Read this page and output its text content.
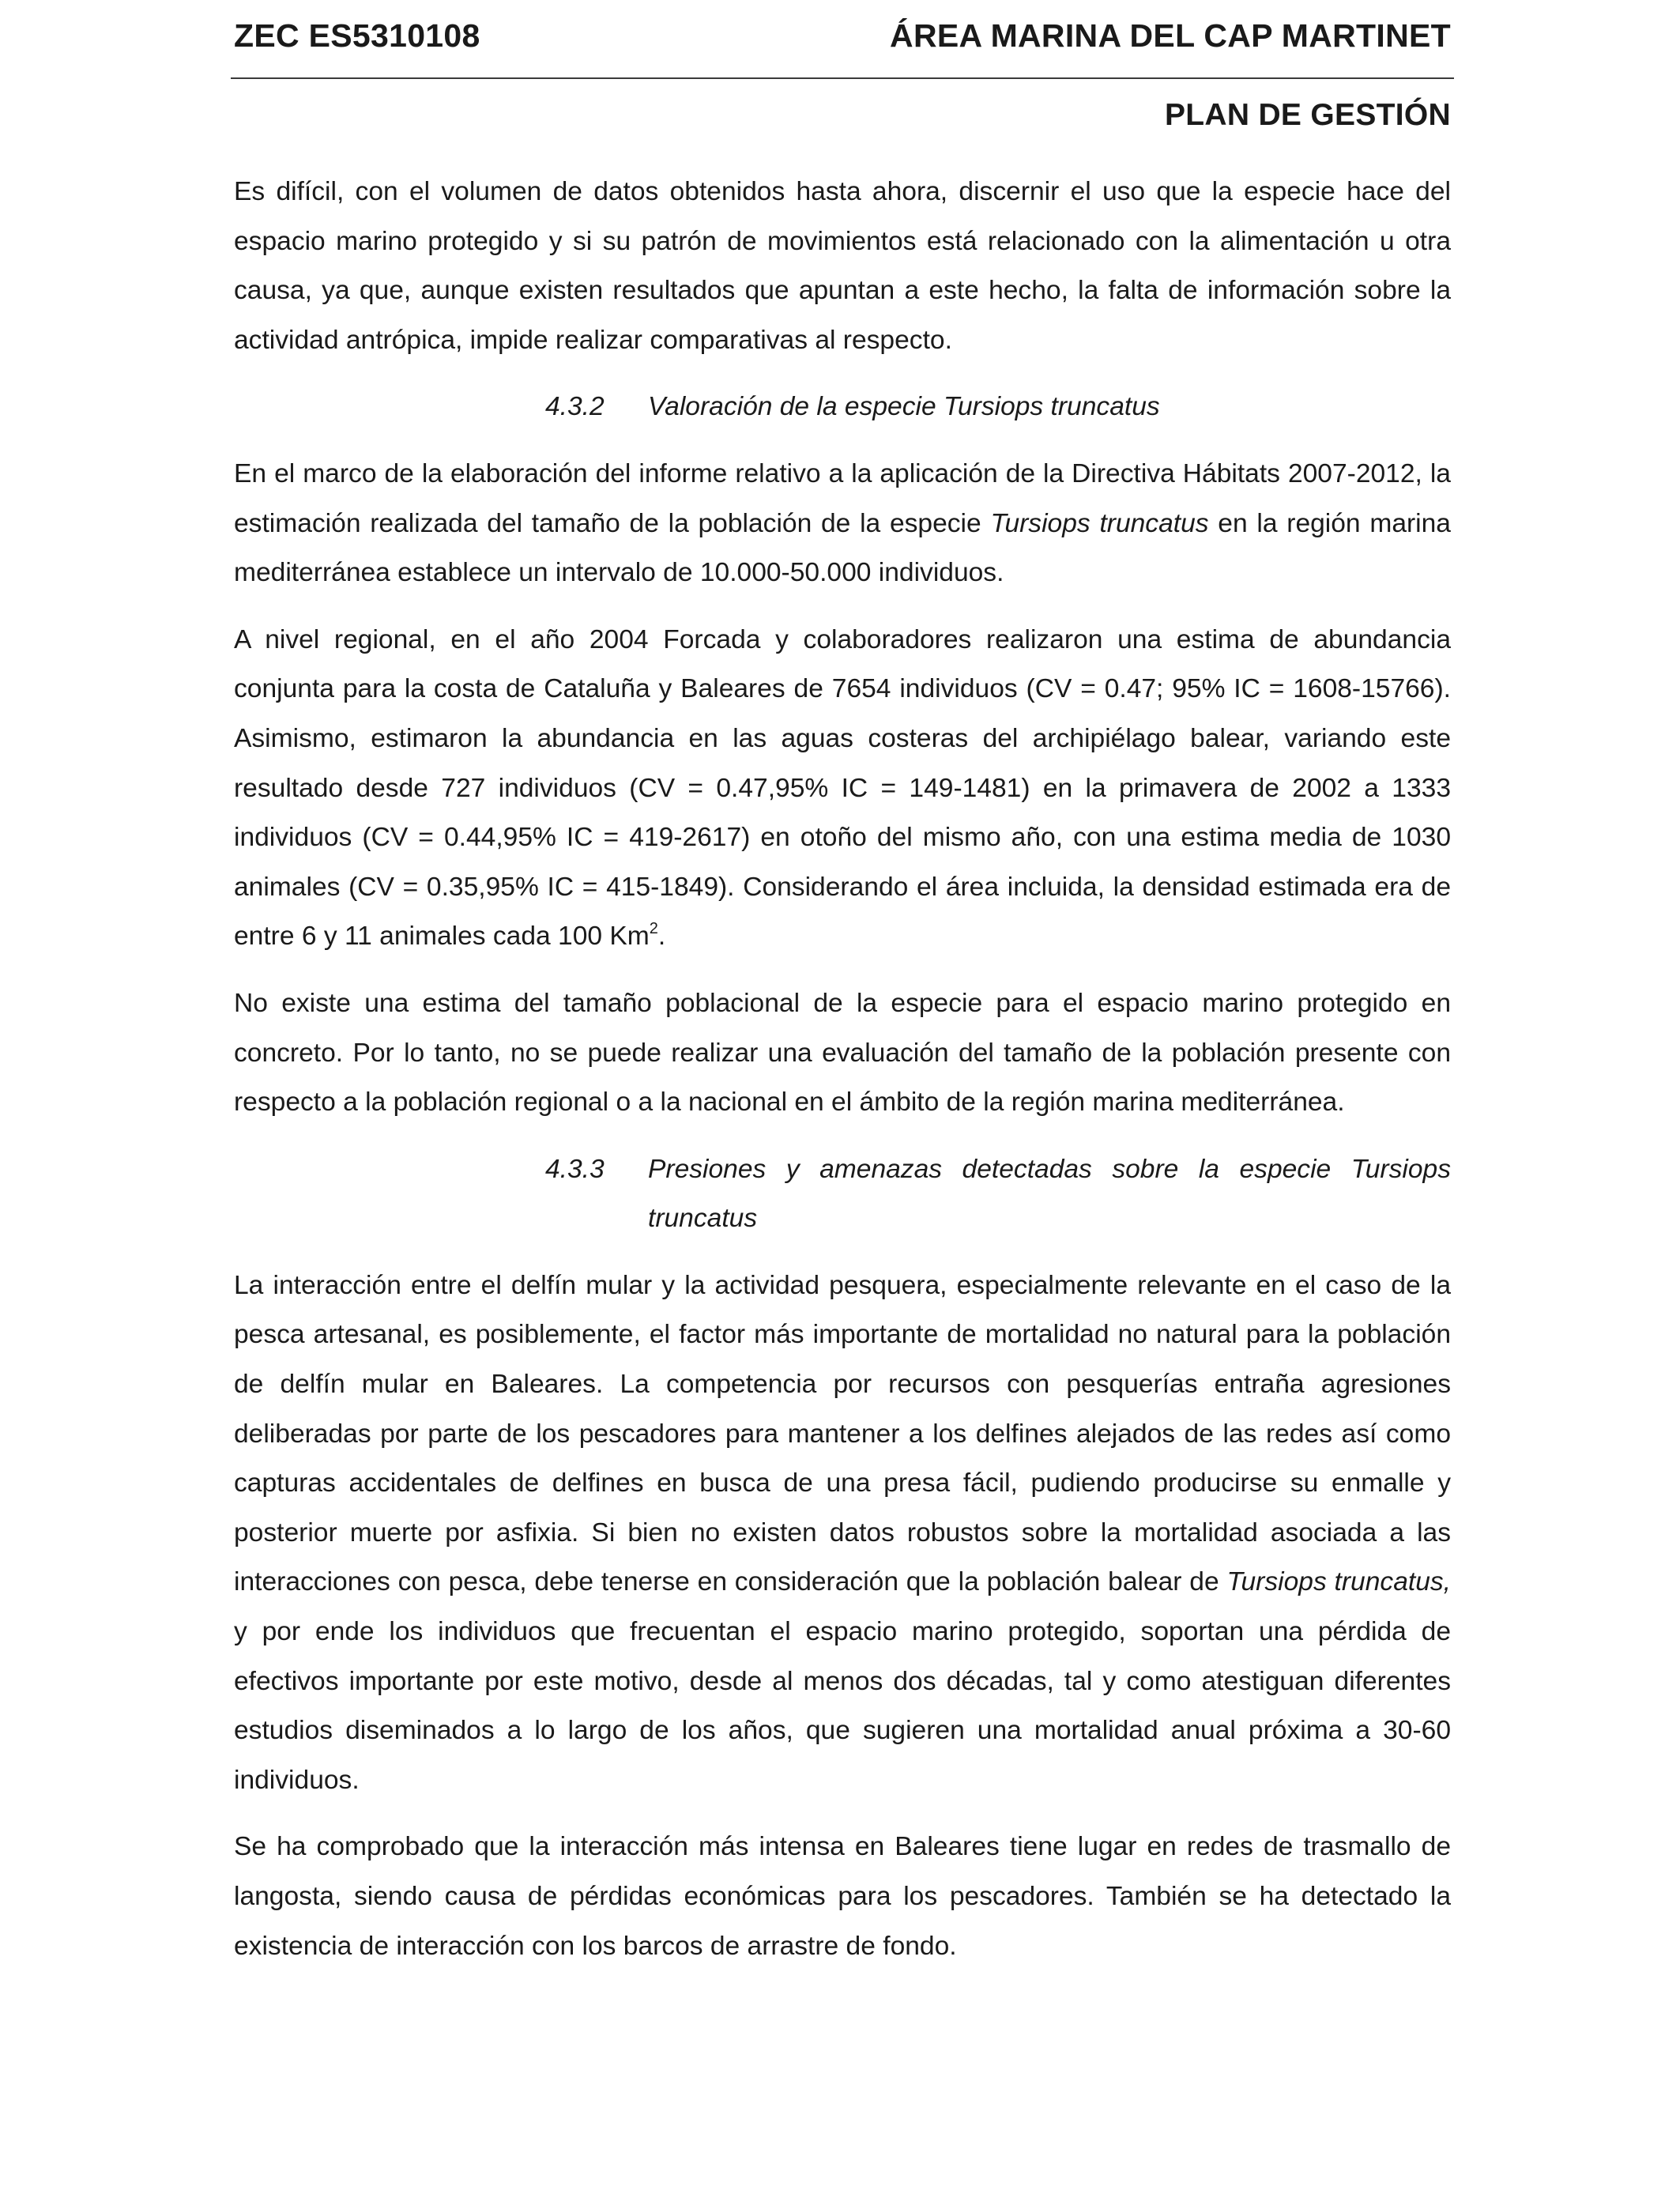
ZEC ES5310108	ÁREA MARINA DEL CAP MARTINET
PLAN DE GESTIÓN

Es difícil, con el volumen de datos obtenidos hasta ahora, discernir el uso que la especie hace del espacio marino protegido y si su patrón de movimientos está relacionado con la alimentación u otra causa, ya que, aunque existen resultados que apuntan a este hecho, la falta de información sobre la actividad antrópica, impide realizar comparativas al respecto.

4.3.2 Valoración de la especie Tursiops truncatus

En el marco de la elaboración del informe relativo a la aplicación de la Directiva Hábitats 2007-2012, la estimación realizada del tamaño de la población de la especie Tursiops truncatus en la región marina mediterránea establece un intervalo de 10.000-50.000 individuos.

A nivel regional, en el año 2004 Forcada y colaboradores realizaron una estima de abundancia conjunta para la costa de Cataluña y Baleares de 7654 individuos (CV = 0.47; 95% IC = 1608-15766). Asimismo, estimaron la abundancia en las aguas costeras del archipiélago balear, variando este resultado desde 727 individuos (CV = 0.47,95% IC = 149-1481) en la primavera de 2002 a 1333 individuos (CV = 0.44,95% IC = 419-2617) en otoño del mismo año, con una estima media de 1030 animales (CV = 0.35,95% IC = 415-1849). Considerando el área incluida, la densidad estimada era de entre 6 y 11 animales cada 100 Km$^2$.

No existe una estima del tamaño poblacional de la especie para el espacio marino protegido en concreto. Por lo tanto, no se puede realizar una evaluación del tamaño de la población presente con respecto a la población regional o a la nacional en el ámbito de la región marina mediterránea.

4.3.3 Presiones y amenazas detectadas sobre la especie Tursiops truncatus

La interacción entre el delfín mular y la actividad pesquera, especialmente relevante en el caso de la pesca artesanal, es posiblemente, el factor más importante de mortalidad no natural para la población de delfín mular en Baleares. La competencia por recursos con pesquerías entraña agresiones deliberadas por parte de los pescadores para mantener a los delfines alejados de las redes así como capturas accidentales de delfines en busca de una presa fácil, pudiendo producirse su enmalle y posterior muerte por asfixia. Si bien no existen datos robustos sobre la mortalidad asociada a las interacciones con pesca, debe tenerse en consideración que la población balear de Tursiops truncatus, y por ende los individuos que frecuentan el espacio marino protegido, soportan una pérdida de efectivos importante por este motivo, desde al menos dos décadas, tal y como atestiguan diferentes estudios diseminados a lo largo de los años, que sugieren una mortalidad anual próxima a 30-60 individuos.

Se ha comprobado que la interacción más intensa en Baleares tiene lugar en redes de trasmallo de langosta, siendo causa de pérdidas económicas para los pescadores. También se ha detectado la existencia de interacción con los barcos de arrastre de fondo.
